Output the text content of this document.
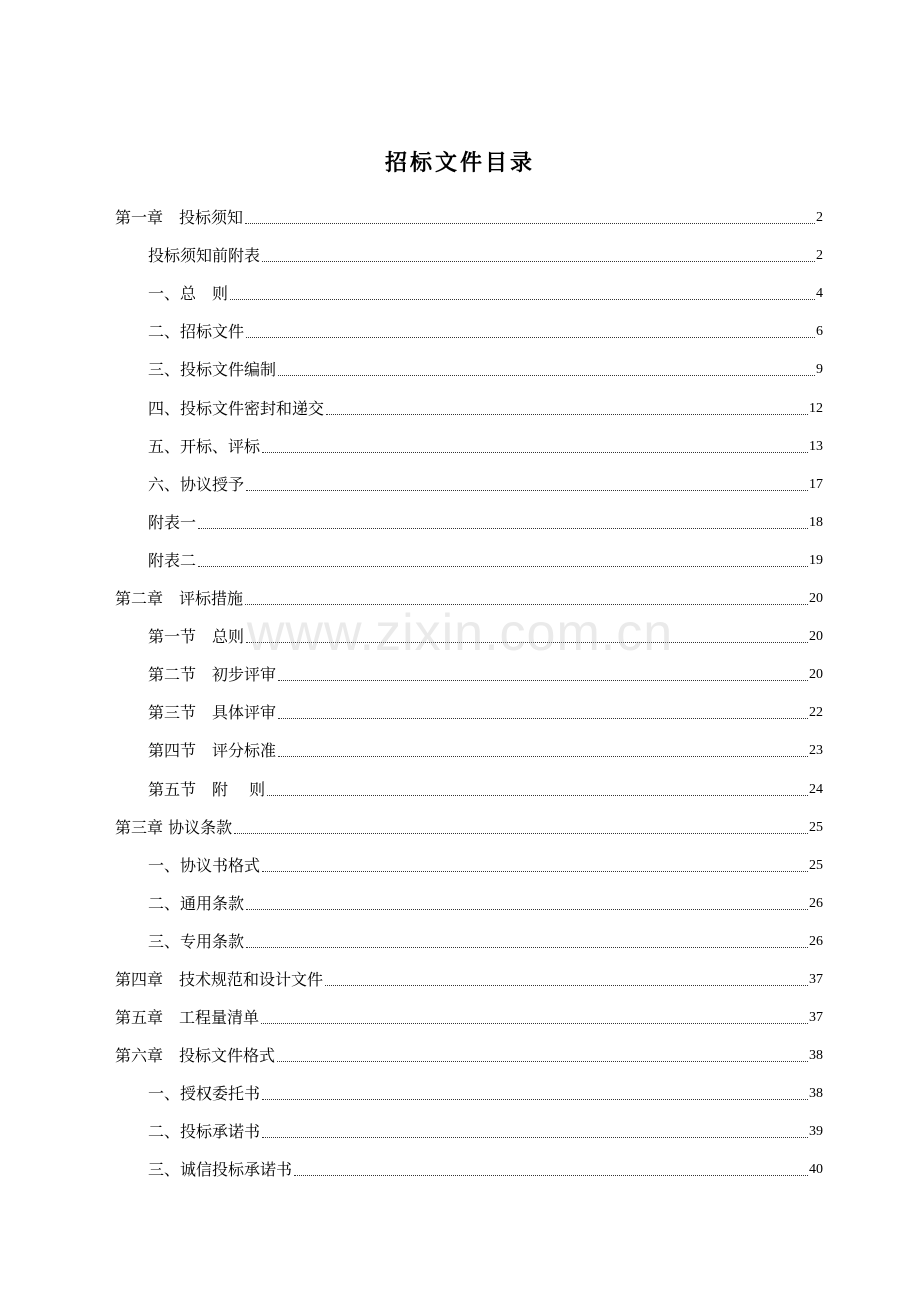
招标文件目录
第一章　投标须知	2
投标须知前附表	2
一、总　则	4
二、招标文件	6
三、投标文件编制	9
四、投标文件密封和递交	12
五、开标、评标	13
六、协议授予	17
附表一	18
附表二	19
第二章　评标措施	20
第一节　总则	20
第二节　初步评审	20
第三节　具体评审	22
第四节　评分标准	23
第五节　附　 则	24
第三章 协议条款	25
一、协议书格式	25
二、通用条款	26
三、专用条款	26
第四章　技术规范和设计文件	37
第五章　工程量清单	37
第六章　投标文件格式	38
一、授权委托书	38
二、投标承诺书	39
三、诚信投标承诺书	40
www.zixin.com.cn
